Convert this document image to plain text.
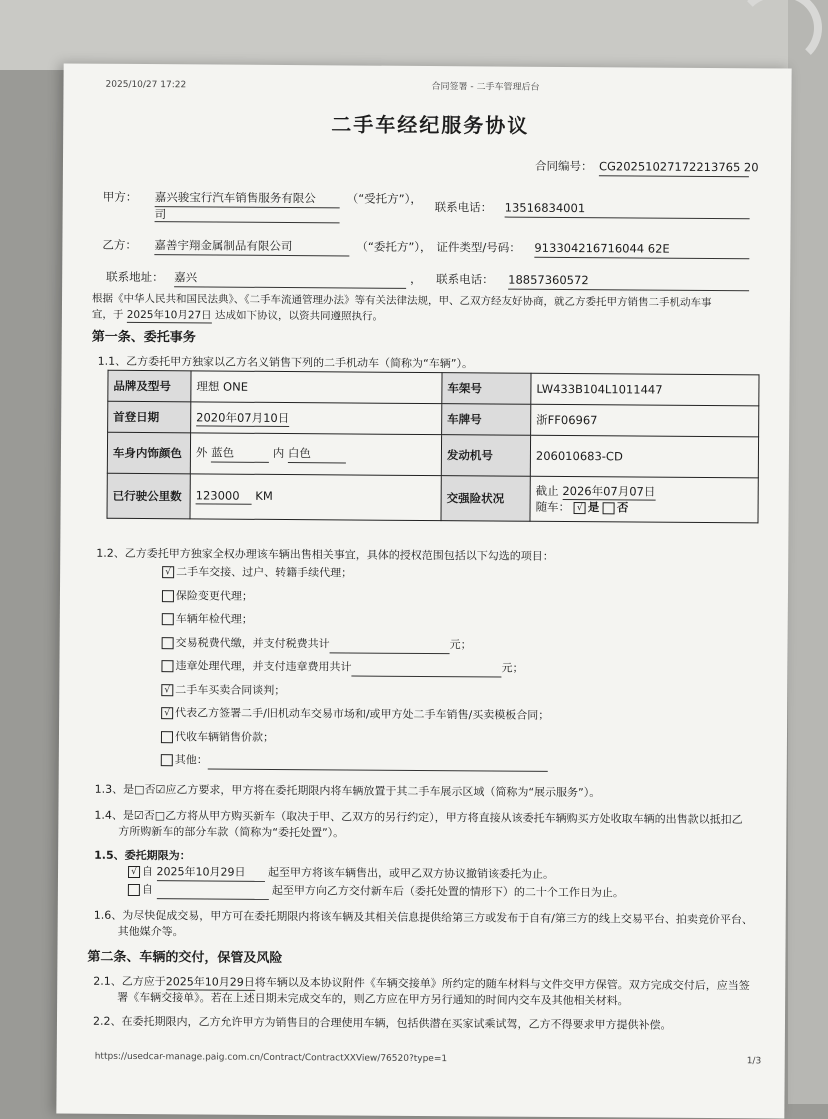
2025/10/27 17:22	合同签署 - 二手车管理后台
二手车经纪服务协议
合同编号： CG20251027172213765 20
甲方： 嘉兴骏宝行汽车销售服务有限公
司
（“受托方”），
联系电话： 13516834001
乙方： 嘉善宇翔金属制品有限公司	（“委托方”）， 证件类型/号码： 913304216716044 62E
联系地址： 嘉兴	， 联系电话： 18857360572
根据《中华人民共和国民法典》、《二手车流通管理办法》等有关法律法规，甲、乙双方经友好协商，就乙方委托甲方销售二手机动车事
宜，于 2025年10月27日 达成如下协议，以资共同遵照执行。
第一条、委托事务
1.1、乙方委托甲方独家以乙方名义销售下列的二手机动车（简称为“车辆”）。
品牌及型号	理想 ONE	车架号	LW433B104L1011447
首登日期	2020年07月10日	车牌号	浙FF06967
车身内饰颜色	外 蓝色 内 白色	发动机号	206010683-CD
已行驶公里数	123000 KM	交强险状况	截止 2026年07月07日
随车： √ 是 否
1.2、乙方委托甲方独家全权办理该车辆出售相关事宜，具体的授权范围包括以下勾选的项目：
√ 二手车交接、过户、转籍手续代理；
保险变更代理；
车辆年检代理；
交易税费代缴，并支付税费共计	元；
违章处理代理，并支付违章费用共计	元；
√ 二手车买卖合同谈判；
√ 代表乙方签署二手/旧机动车交易市场和/或甲方处二手车销售/买卖模板合同；
代收车辆销售价款；
其他：
1.3、是□否☑应乙方要求，甲方将在委托期限内将车辆放置于其二手车展示区域（简称为“展示服务”）。
1.4、是☑否□乙方将从甲方购买新车（取决于甲、乙双方的另行约定），甲方将直接从该委托车辆购买方处收取车辆的出售款以抵扣乙
方所购新车的部分车款（简称为“委托处置”）。
1.5、委托期限为：
√ 自 2025年10月29日 起至甲方将该车辆售出，或甲乙双方协议撤销该委托为止。
自	起至甲方向乙方交付新车后（委托处置的情形下）的二十个工作日为止。
1.6、为尽快促成交易，甲方可在委托期限内将该车辆及其相关信息提供给第三方或发布于自有/第三方的线上交易平台、拍卖竞价平台、
其他媒介等。
第二条、车辆的交付，保管及风险
2.1、乙方应于2025年10月29日将车辆以及本协议附件《车辆交接单》所约定的随车材料与文件交甲方保管。双方完成交付后，应当签
署《车辆交接单》。若在上述日期未完成交车的，则乙方应在甲方另行通知的时间内交车及其他相关材料。
2.2、在委托期限内，乙方允许甲方为销售目的合理使用车辆，包括供潜在买家试乘试驾，乙方不得要求甲方提供补偿。
https://usedcar-manage.paig.com.cn/Contract/ContractXXView/76520?type=1	1/3
